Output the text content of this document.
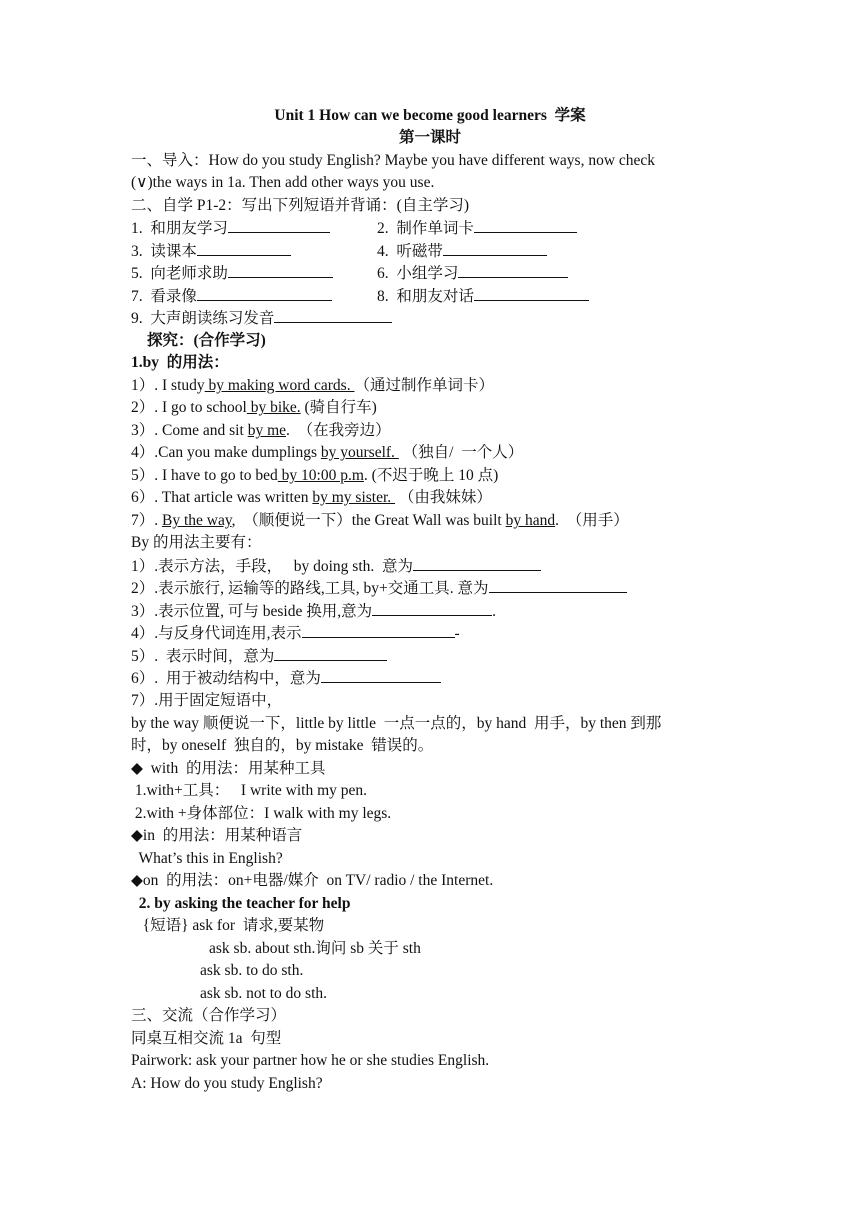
Unit 1 How can we become good learners  学案
第一课时
一、导入：How do you study English? Maybe you have different ways, now check
(∨)the ways in 1a. Then add other ways you use.
二、自学 P1-2：写出下列短语并背诵：(自主学习)
1.  和朋友学习	2.  制作单词卡
3.  读课本	4.  听磁带
5.  向老师求助	6.  小组学习
7.  看录像	8.  和朋友对话
9.  大声朗读练习发音
探究：(合作学习)
1.by  的用法：
1）. I study by making word cards. （通过制作单词卡）
2）. I go to school by bike. (骑自行车)
3）. Come and sit by me.  （在我旁边）
4）.Can you make dumplings by yourself.  （独自/  一个人）
5）. I have to go to bed by 10:00 p.m. (不迟于晚上 10 点)
6）. That article was written by my sister.  （由我妹妹）
7）. By the way,  （顺便说一下）the Great Wall was built by hand.  （用手）
By 的用法主要有：
1）.表示方法，手段，   by doing sth.  意为
2）.表示旅行, 运输等的路线,工具, by+交通工具. 意为
3）.表示位置, 可与 beside 换用,意为	.
4）.与反身代词连用,表示	-
5）.  表示时间，意为
6）.  用于被动结构中，意为
7）.用于固定短语中，
by the way 顺便说一下，little by little  一点一点的，by hand  用手，by then 到那
时，by oneself  独自的，by mistake  错误的。
◆  with  的用法：用某种工具
1.with+工具：   I write with my pen.
2.with +身体部位：I walk with my legs.
◆in  的用法：用某种语言
What’s this in English?
◆on  的用法：on+电器/媒介  on TV/ radio / the Internet.
2. by asking the teacher for help
{短语} ask for  请求,要某物
ask sb. about sth.询问 sb 关于 sth
ask sb. to do sth.
ask sb. not to do sth.
三、交流（合作学习）
同桌互相交流 1a  句型
Pairwork: ask your partner how he or she studies English.
A: How do you study English?
